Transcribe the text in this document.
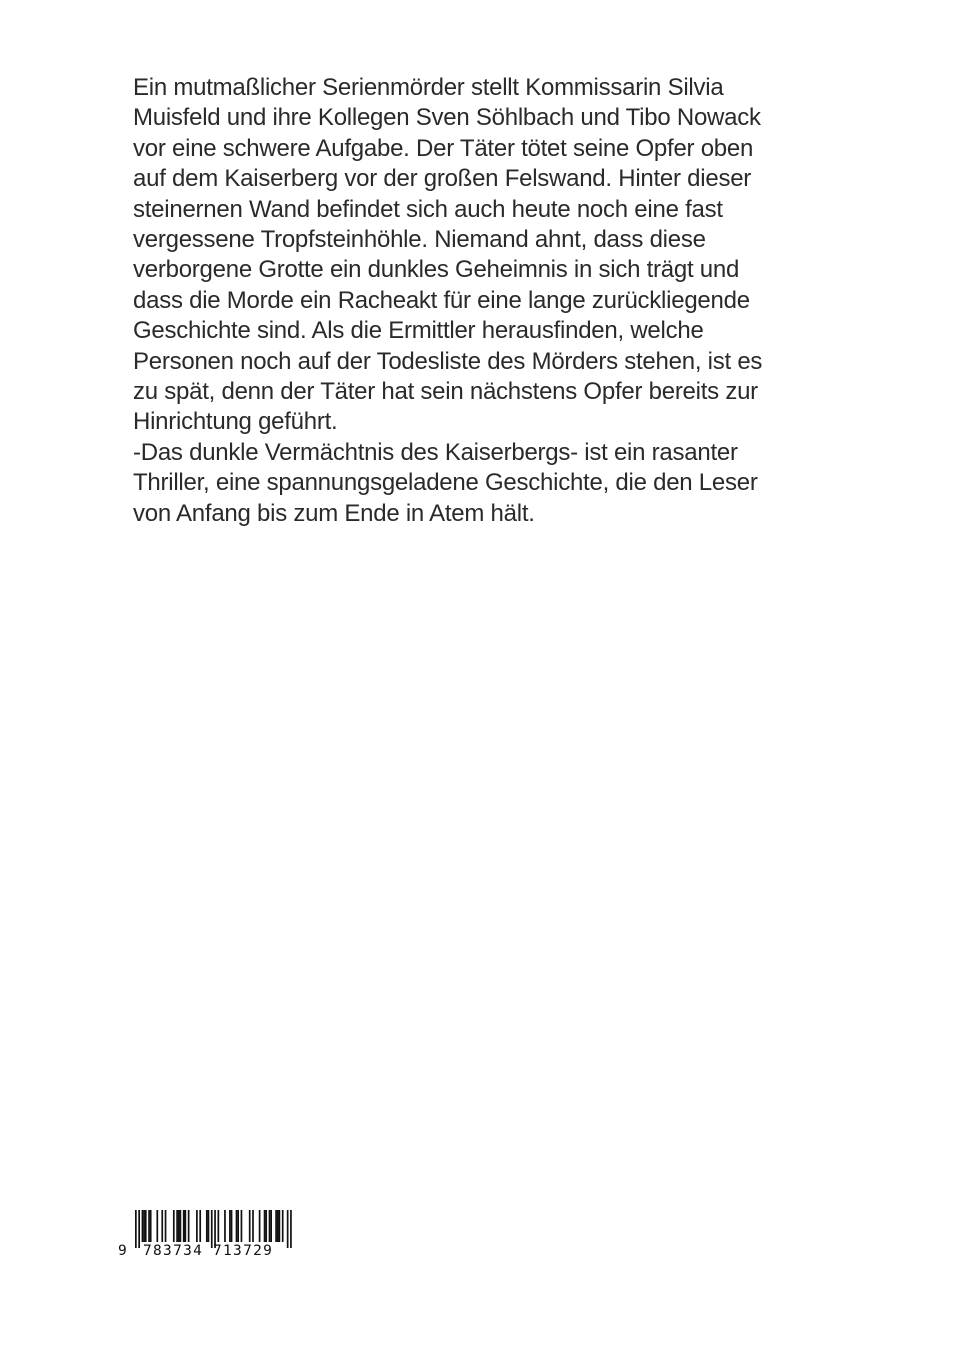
Ein mutmaßlicher Serienmörder stellt Kommissarin Silvia

Muisfeld und ihre Kollegen Sven Söhlbach und Tibo Nowack

vor eine schwere Aufgabe. Der Täter tötet seine Opfer oben

auf dem Kaiserberg vor der großen Felswand. Hinter dieser

steinernen Wand befindet sich auch heute noch eine fast

vergessene Tropfsteinhöhle. Niemand ahnt, dass diese

verborgene Grotte ein dunkles Geheimnis in sich trägt und

dass die Morde ein Racheakt für eine lange zurückliegende

Geschichte sind. Als die Ermittler herausfinden, welche

Personen noch auf der Todesliste des Mörders stehen, ist es

zu spät, denn der Täter hat sein nächstens Opfer bereits zur

Hinrichtung geführt.

-Das dunkle Vermächtnis des Kaiserbergs- ist ein rasanter

Thriller, eine spannungsgeladene Geschichte, die den Leser

von Anfang bis zum Ende in Atem hält.

9 783734 713729
